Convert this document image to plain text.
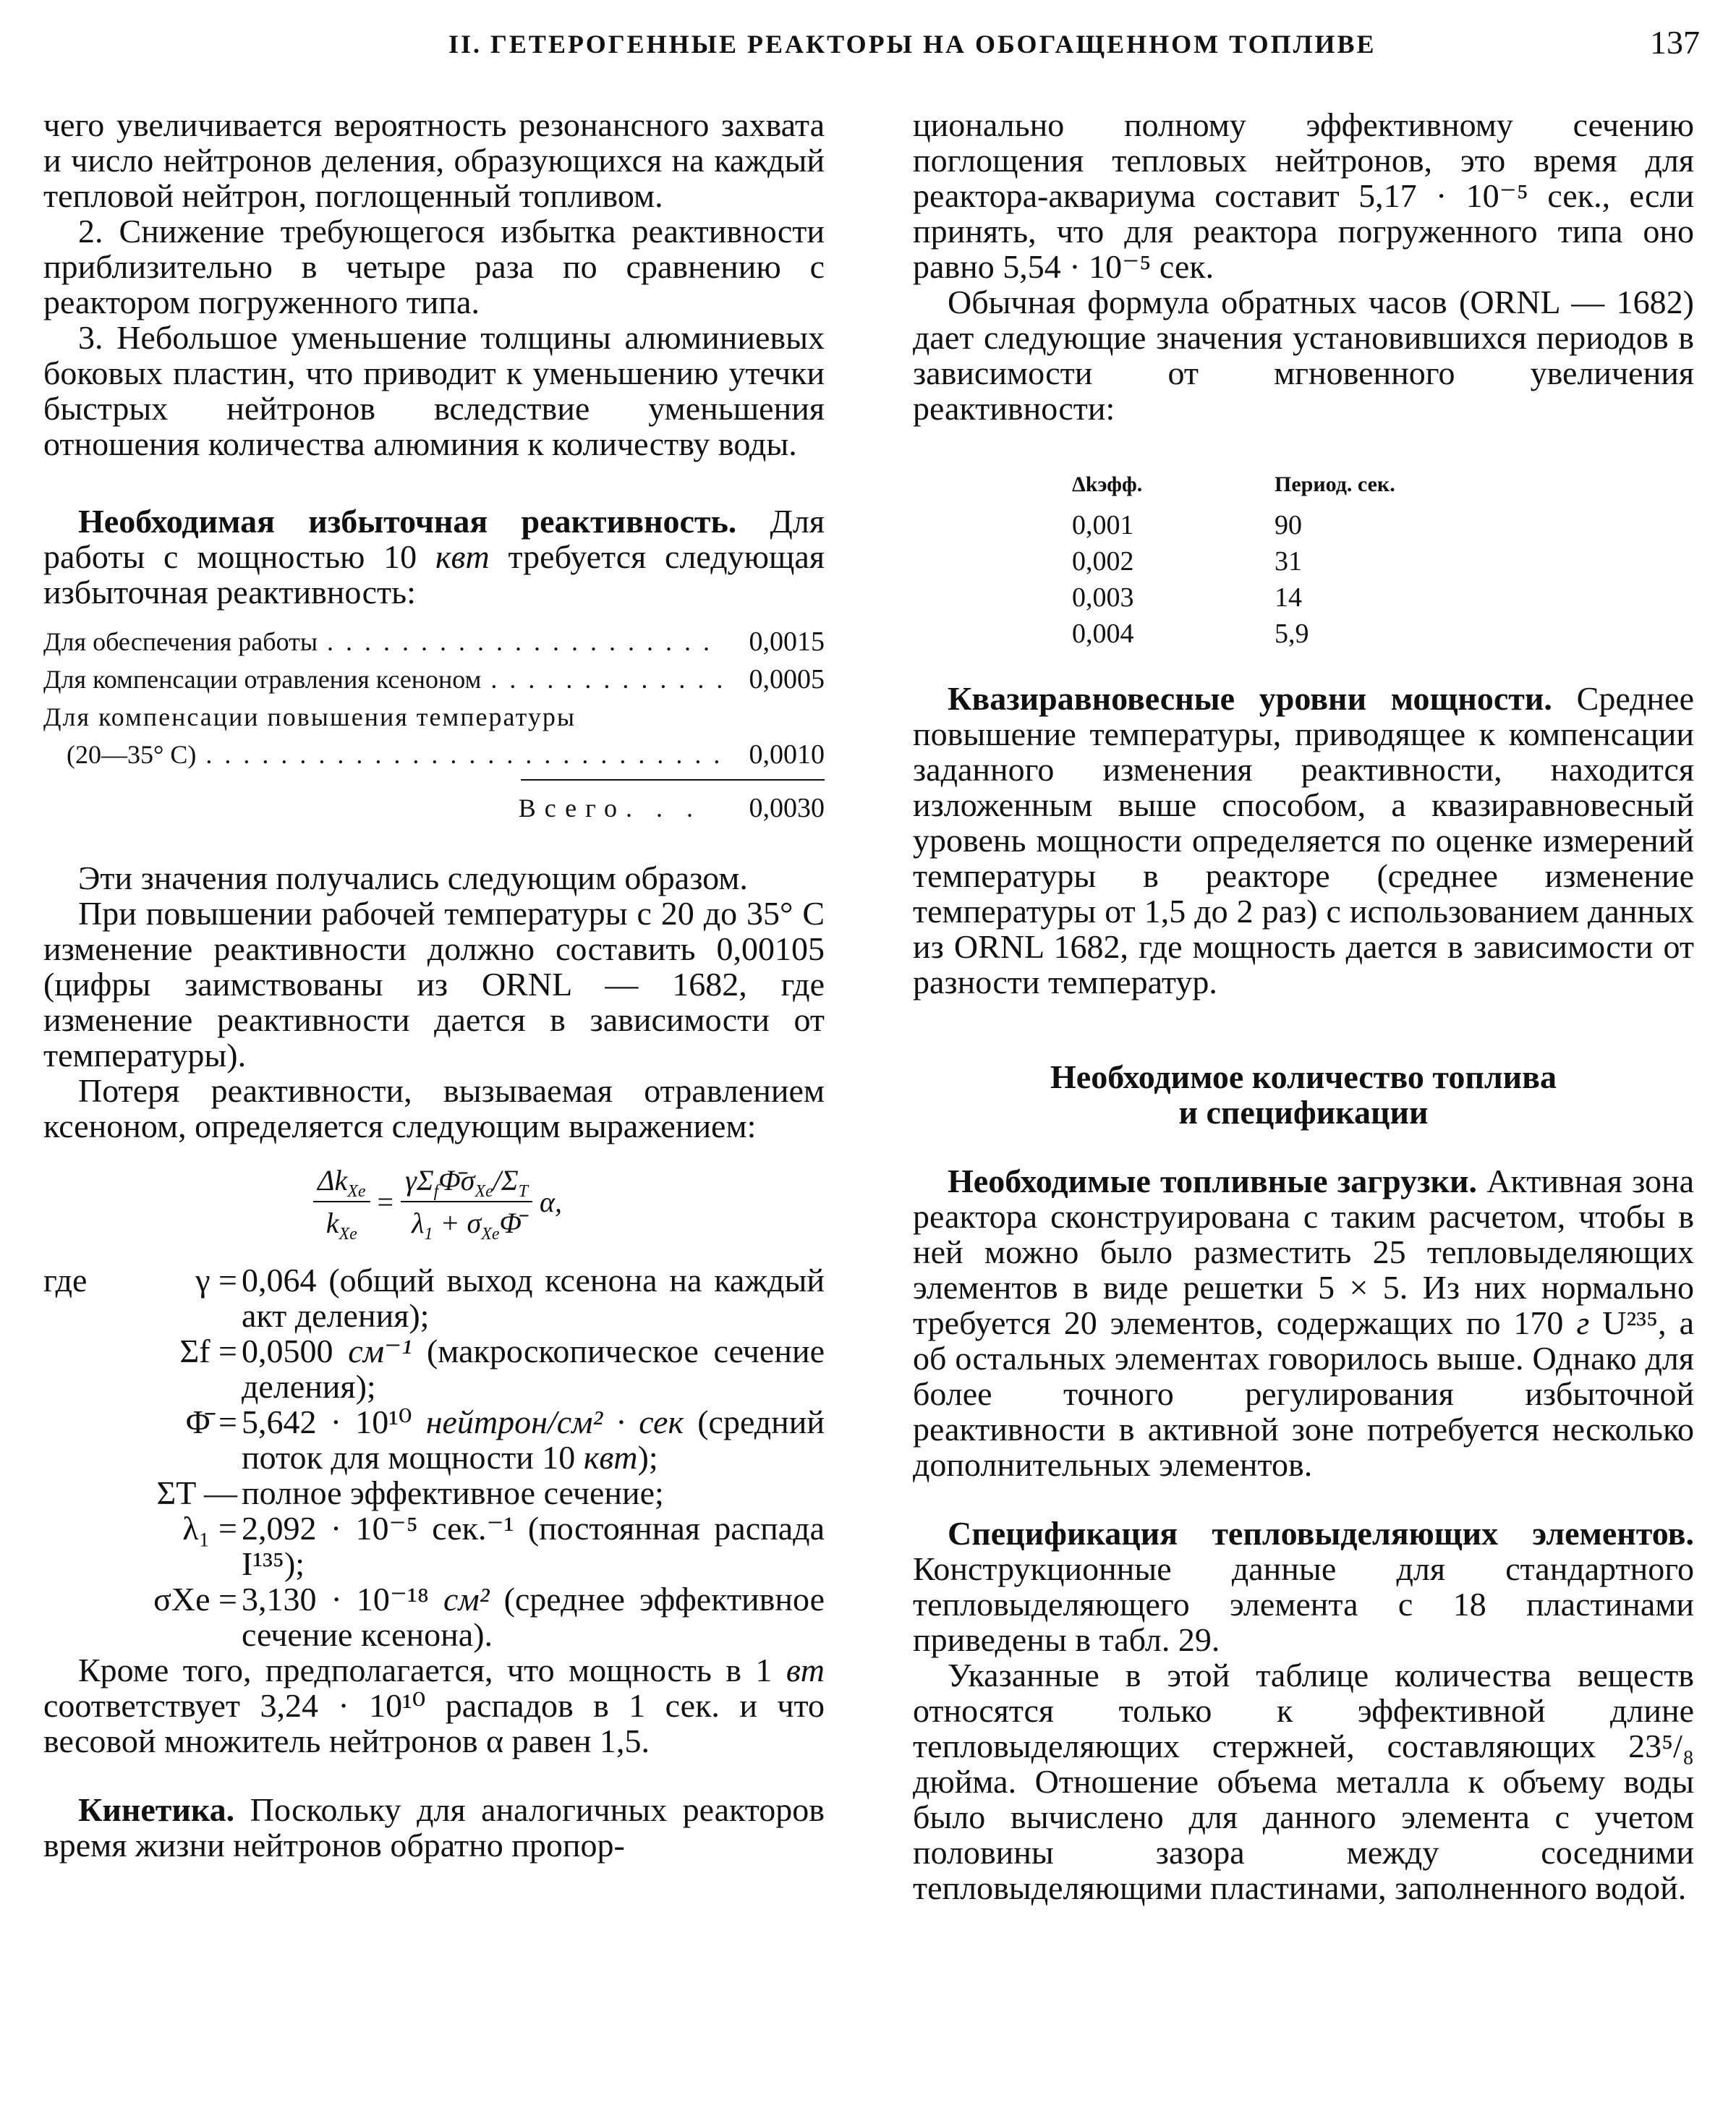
II. ГЕТЕРОГЕННЫЕ РЕАКТОРЫ НА ОБОГАЩЕННОМ ТОПЛИВЕ	137

чего увеличивается вероятность резонансного захвата и число нейтронов деления, образующихся на каждый тепловой нейтрон, поглощенный топливом.

2. Снижение требующегося избытка реактивности приблизительно в четыре раза по сравнению с реактором погруженного типа.

3. Небольшое уменьшение толщины алюминиевых боковых пластин, что приводит к уменьшению утечки быстрых нейтронов вследствие уменьшения отношения количества алюминия к количеству воды.

Необходимая избыточная реактивность. Для работы с мощностью 10 квт требуется следующая избыточная реактивность:

Для обеспечения работы . . .	0,0015
Для компенсации отравления ксеноном . . .	0,0005
Для компенсации повышения температуры
(20—35° С) . . .	0,0010
Всего. . .	0,0030

Эти значения получались следующим образом.

При повышении рабочей температуры с 20 до 35° С изменение реактивности должно составить 0,00105 (цифры заимствованы из ORNL — 1682, где изменение реактивности дается в зависимости от температуры).

Потеря реактивности, вызываемая отравлением ксеноном, определяется следующим выражением:

$\frac{\Delta k_{Xe}}{k_{Xe}} = \frac{\gamma\Sigma_f\Phī\sigma_{Xe}/\Sigma_T}{\lambda_1 + \sigma_{Xe}\Phī} \alpha$,
где	γ = 0,064 (общий выход ксенона на каждый акт деления);
Σf = 0,0500 см⁻¹ (макроскопическое сечение деления);
Φ̄ = 5,642 · 10¹⁰ нейтрон/см² · сек (средний поток для мощности 10 квт);
ΣT — полное эффективное сечение;
λ₁ = 2,092 · 10⁻⁵ сек.⁻¹ (постоянная распада I¹³⁵);
σXe = 3,130 · 10⁻¹⁸ см² (среднее эффективное сечение ксенона).

Кроме того, предполагается, что мощность в 1 вт соответствует 3,24 · 10¹⁰ распадов в 1 сек. и что весовой множитель нейтронов α равен 1,5.

Кинетика. Поскольку для аналогичных реакторов время жизни нейтронов обратно пропор-

ционально полному эффективному сечению поглощения тепловых нейтронов, это время для реактора-аквариума составит 5,17 · 10⁻⁵ сек., если принять, что для реактора погруженного типа оно равно 5,54 · 10⁻⁵ сек.

Обычная формула обратных часов (ORNL — 1682) дает следующие значения установившихся периодов в зависимости от мгновенного увеличения реактивности:

Δkэфф.	Период. сек.
0,001	90
0,002	31
0,003	14
0,004	5,9

Квазиравновесные уровни мощности. Среднее повышение температуры, приводящее к компенсации заданного изменения реактивности, находится изложенным выше способом, а квазиравновесный уровень мощности определяется по оценке измерений температуры в реакторе (среднее изменение температуры от 1,5 до 2 раз) с использованием данных из ORNL 1682, где мощность дается в зависимости от разности температур.

Необходимое количество топлива
и спецификации

Необходимые топливные загрузки. Активная зона реактора сконструирована с таким расчетом, чтобы в ней можно было разместить 25 тепловыделяющих элементов в виде решетки 5 × 5. Из них нормально требуется 20 элементов, содержащих по 170 г U²³⁵, а об остальных элементах говорилось выше. Однако для более точного регулирования избыточной реактивности в активной зоне потребуется несколько дополнительных элементов.

Спецификация тепловыделяющих элементов. Конструкционные данные для стандартного тепловыделяющего элемента с 18 пластинами приведены в табл. 29.

Указанные в этой таблице количества веществ относятся только к эффективной длине тепловыделяющих стержней, составляющих 23⁵/₈ дюйма. Отношение объема металла к объему воды было вычислено для данного элемента с учетом половины зазора между соседними тепловыделяющими пластинами, заполненного водой.
